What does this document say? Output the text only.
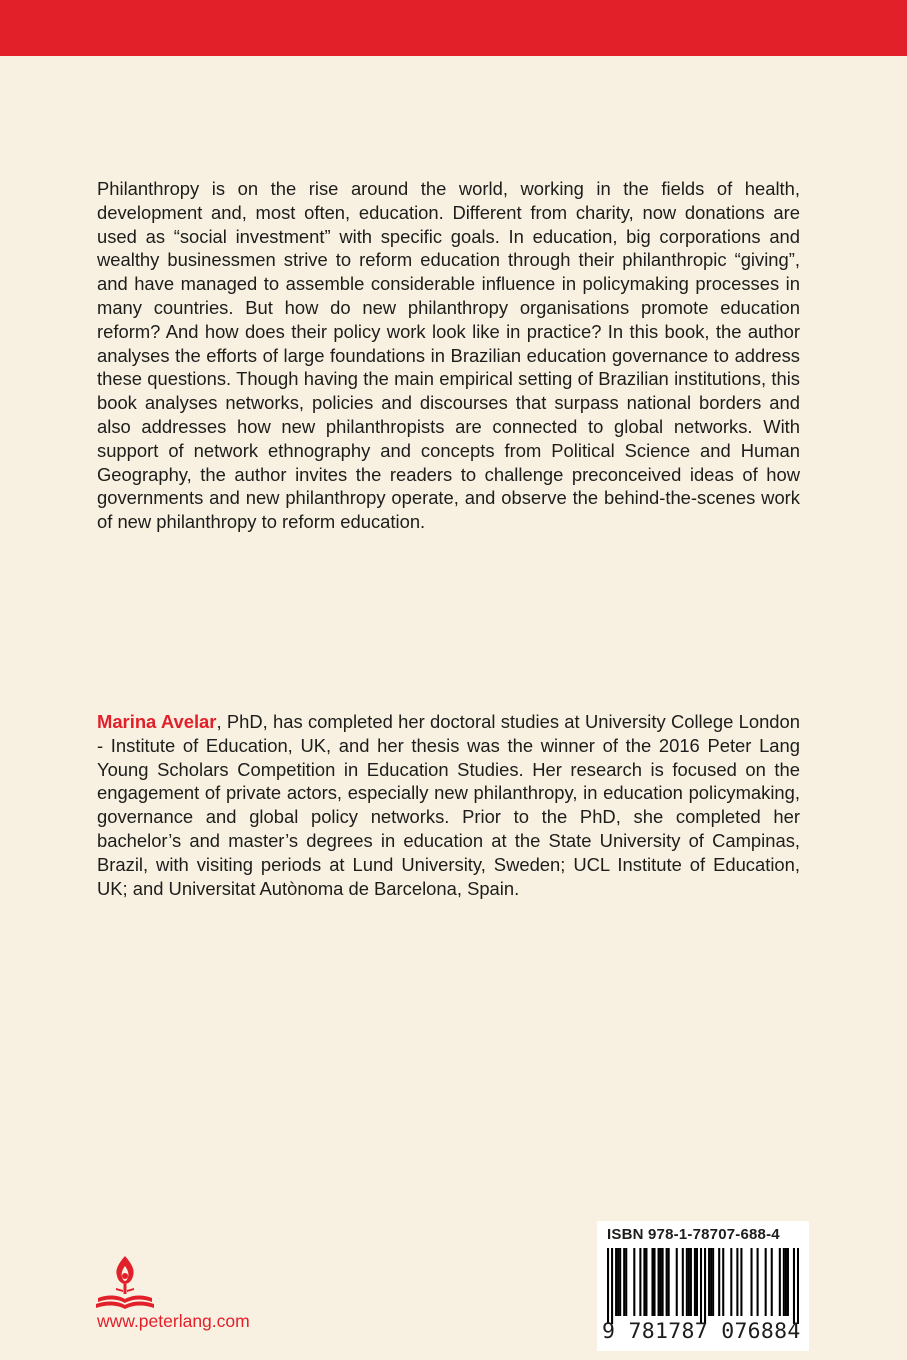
Philanthropy is on the rise around the world, working in the fields of health, development and, most often, education. Different from charity, now donations are used as “social investment” with specific goals. In education, big corporations and wealthy businessmen strive to reform education through their philanthropic “giving”, and have managed to assemble considerable influence in policymaking processes in many countries. But how do new philanthropy organisations promote education reform? And how does their policy work look like in practice? In this book, the author analyses the efforts of large foundations in Brazilian education governance to address these questions. Though having the main empirical setting of Brazilian institutions, this book analyses networks, policies and discourses that surpass national borders and also addresses how new philanthropists are connected to global networks. With support of network ethnography and concepts from Political Science and Human Geography, the author invites the readers to challenge preconceived ideas of how governments and new philanthropy operate, and observe the behind-the-scenes work of new philanthropy to reform education.

Marina Avelar, PhD, has completed her doctoral studies at University College London - Institute of Education, UK, and her thesis was the winner of the 2016 Peter Lang Young Scholars Competition in Education Studies. Her research is focused on the engagement of private actors, especially new philanthropy, in education policymaking, governance and global policy networks. Prior to the PhD, she completed her bachelor’s and master’s degrees in education at the State University of Campinas, Brazil, with visiting periods at Lund University, Sweden; UCL Institute of Education, UK; and Universitat Autònoma de Barcelona, Spain.

www.peterlang.com
ISBN 978-1-78707-688-4
9 781787 076884
